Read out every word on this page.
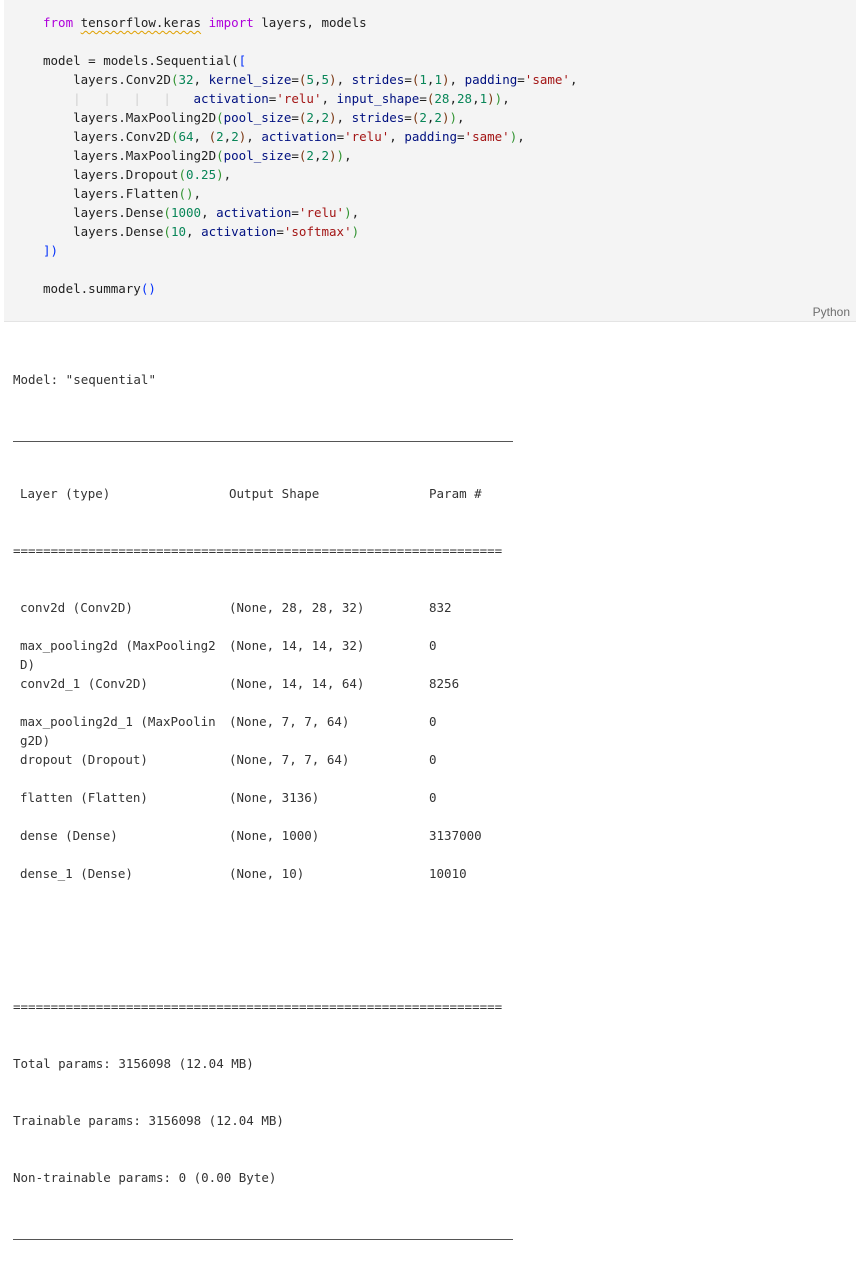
from tensorflow.keras import layers, models

model = models.Sequential([
layers.Conv2D(32, kernel_size=(5,5), strides=(1,1), padding='same',
|   |   |   | activation='relu', input_shape=(28,28,1)),
layers.MaxPooling2D(pool_size=(2,2), strides=(2,2)),
layers.Conv2D(64, (2,2), activation='relu', padding='same'),
layers.MaxPooling2D(pool_size=(2,2)),
layers.Dropout(0.25),
layers.Flatten(),
layers.Dense(1000, activation='relu'),
layers.Dense(10, activation='softmax')
])

model.summary()
Python

Model: "sequential"

Layer (type)	Output Shape	Param #

=================================================================

conv2d (Conv2D)	(None, 28, 28, 32)	832

max_pooling2d (MaxPooling2 (None, 14, 14, 32)	0
D)
conv2d_1 (Conv2D)	(None, 14, 14, 64)	8256

max_pooling2d_1 (MaxPoolin (None, 7, 7, 64)	0
g2D)
dropout (Dropout)	(None, 7, 7, 64)	0

flatten (Flatten)	(None, 3136)	0

dense (Dense)	(None, 1000)	3137000

dense_1 (Dense)	(None, 10)	10010

=================================================================

Total params: 3156098 (12.04 MB)

Trainable params: 3156098 (12.04 MB)

Non-trainable params: 0 (0.00 Byte)
